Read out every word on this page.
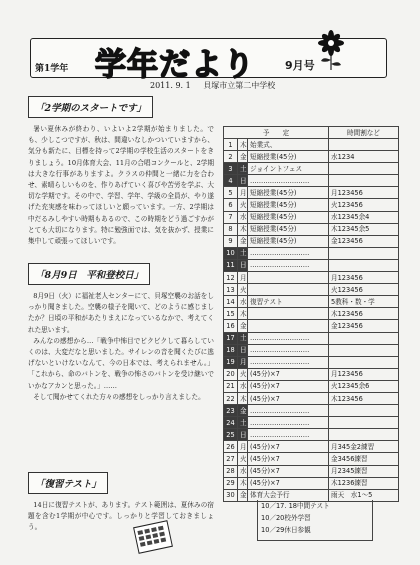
第1学年 学年だより	9月号
2011. 9. 1 貝塚市立第二中学校
「2学期のスタートです」

暑い夏休みが終わり、いよいよ2学期が始まりました。でも、少しこつですが、秋は、間違いなしかついていますから、気分も新たに、目標を持って2学期の学校生活のスタートをきりましょう。10月体育大会、11月の合唱コンクールと、2学期は大きな行事がありますよ。クラスの仲間と一緒に力を合わせ、素晴らしいものを、作りあげていく喜びや苦労を学ぶ、大切な学期です。その中で、学習、学年、学級の全員が、やり遂げた充実感を味わってほしいと願っています。一方、2学期は中だるみしやすい時期もあるので、この時期をどう過ごすかがとても大切になります。特に勉強面では、気を抜かず、授業に集中して頑張ってほしいです。

「8月9日　平和登校日」

8月9日（火）に福祉老人センターにて、貝塚空襲のお話をしっかり聞きました。空襲の様子を聞いて、どのように感じましたか？日頃の平和があたりまえになっているなかで、考えてくれた思います。

みんなの感想から…「戦争中怖目でビクビクして暮らしていくのは、大変だなと思いました。サイレンの音を聞くたびに逃げないといけないなんて、今の日本では、考えられません。」「これから、命のバトンを、戦争の怖さのバトンを受け継いでいかなアカンと思った。」……

そして聞かせてくれた方々の感想をしっかり言えました。

「復習テスト」

14日に復習テストが、あります。テスト範囲は、夏休みの宿題を含む1学期が中心です。しっかりと学習しておきましょう。

予　　定			時間割など
1	木	始業式、	
2	金	短縮授業(45分)	水1234
3	土	ジョイントフェス	
4	日	………………………	
5	月	短縮授業(45分)	月123456
6	火	短縮授業(45分)	火123456
7	水	短縮授業(45分)	水12345余4
8	木	短縮授業(45分)	木12345余5
9	金	短縮授業(45分)	金123456
10	土	………………………	
11	日	………………………	
12	月		月123456
13	火		火123456
14	水	復習テスト	5教科・数・学
15	木		木123456
16	金		金123456
17	土	………………………	
18	日	………………………	
19	月	………………………	
20	火	(45分)×7	月123456
21	水	(45分)×7	火12345余6
22	木	(45分)×7	木123456
23	金	………………………	
24	土	………………………	
25	日	………………………	
26	月	(45分)×7	月345金2練習
27	火	(45分)×7	金3456練習
28	水	(45分)×7	月2345練習
29	木	(45分)×7	木1236練習
30	金	体育大会予行	雨天　水1〜5
10／17. 18中間テスト
10／20校外学習
10／29休日参観
